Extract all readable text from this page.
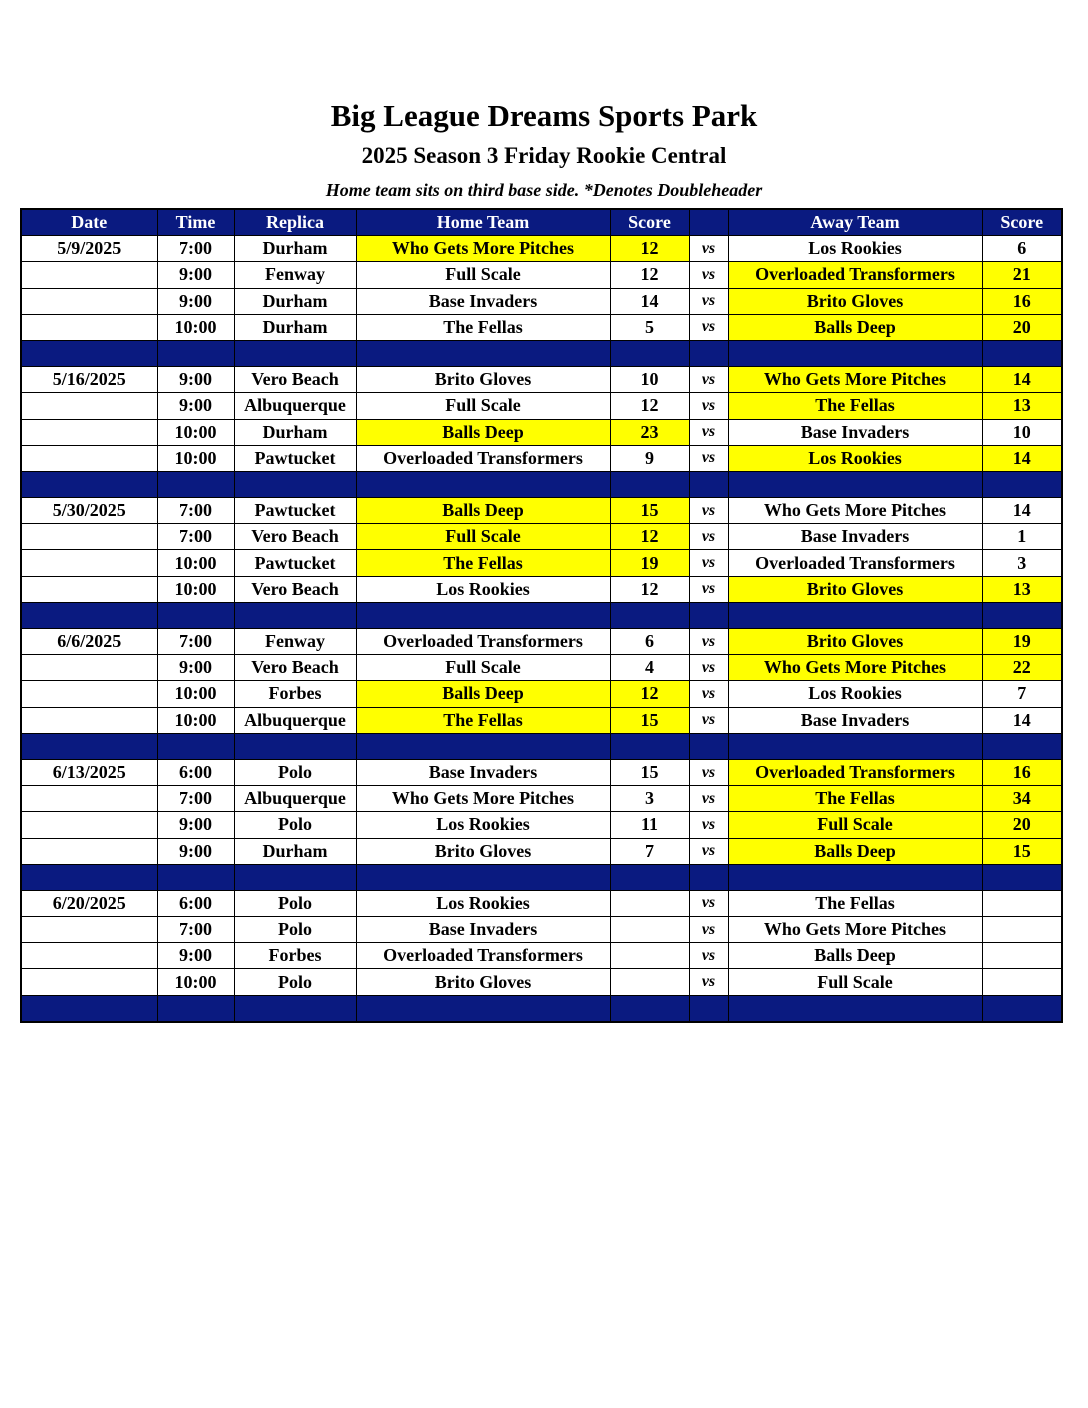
Big League Dreams Sports Park
2025 Season 3 Friday Rookie Central
Home team sits on third base side. *Denotes Doubleheader
Date	Time	Replica	Home Team	Score		Away Team	Score
5/9/2025	7:00	Durham	Who Gets More Pitches	12	vs	Los Rookies	6
	9:00	Fenway	Full Scale	12	vs	Overloaded Transformers	21
	9:00	Durham	Base Invaders	14	vs	Brito Gloves	16
	10:00	Durham	The Fellas	5	vs	Balls Deep	20

5/16/2025	9:00	Vero Beach	Brito Gloves	10	vs	Who Gets More Pitches	14
	9:00	Albuquerque	Full Scale	12	vs	The Fellas	13
	10:00	Durham	Balls Deep	23	vs	Base Invaders	10
	10:00	Pawtucket	Overloaded Transformers	9	vs	Los Rookies	14

5/30/2025	7:00	Pawtucket	Balls Deep	15	vs	Who Gets More Pitches	14
	7:00	Vero Beach	Full Scale	12	vs	Base Invaders	1
	10:00	Pawtucket	The Fellas	19	vs	Overloaded Transformers	3
	10:00	Vero Beach	Los Rookies	12	vs	Brito Gloves	13

6/6/2025	7:00	Fenway	Overloaded Transformers	6	vs	Brito Gloves	19
	9:00	Vero Beach	Full Scale	4	vs	Who Gets More Pitches	22
	10:00	Forbes	Balls Deep	12	vs	Los Rookies	7
	10:00	Albuquerque	The Fellas	15	vs	Base Invaders	14

6/13/2025	6:00	Polo	Base Invaders	15	vs	Overloaded Transformers	16
	7:00	Albuquerque	Who Gets More Pitches	3	vs	The Fellas	34
	9:00	Polo	Los Rookies	11	vs	Full Scale	20
	9:00	Durham	Brito Gloves	7	vs	Balls Deep	15

6/20/2025	6:00	Polo	Los Rookies		vs	The Fellas	
	7:00	Polo	Base Invaders		vs	Who Gets More Pitches	
	9:00	Forbes	Overloaded Transformers		vs	Balls Deep	
	10:00	Polo	Brito Gloves		vs	Full Scale	
